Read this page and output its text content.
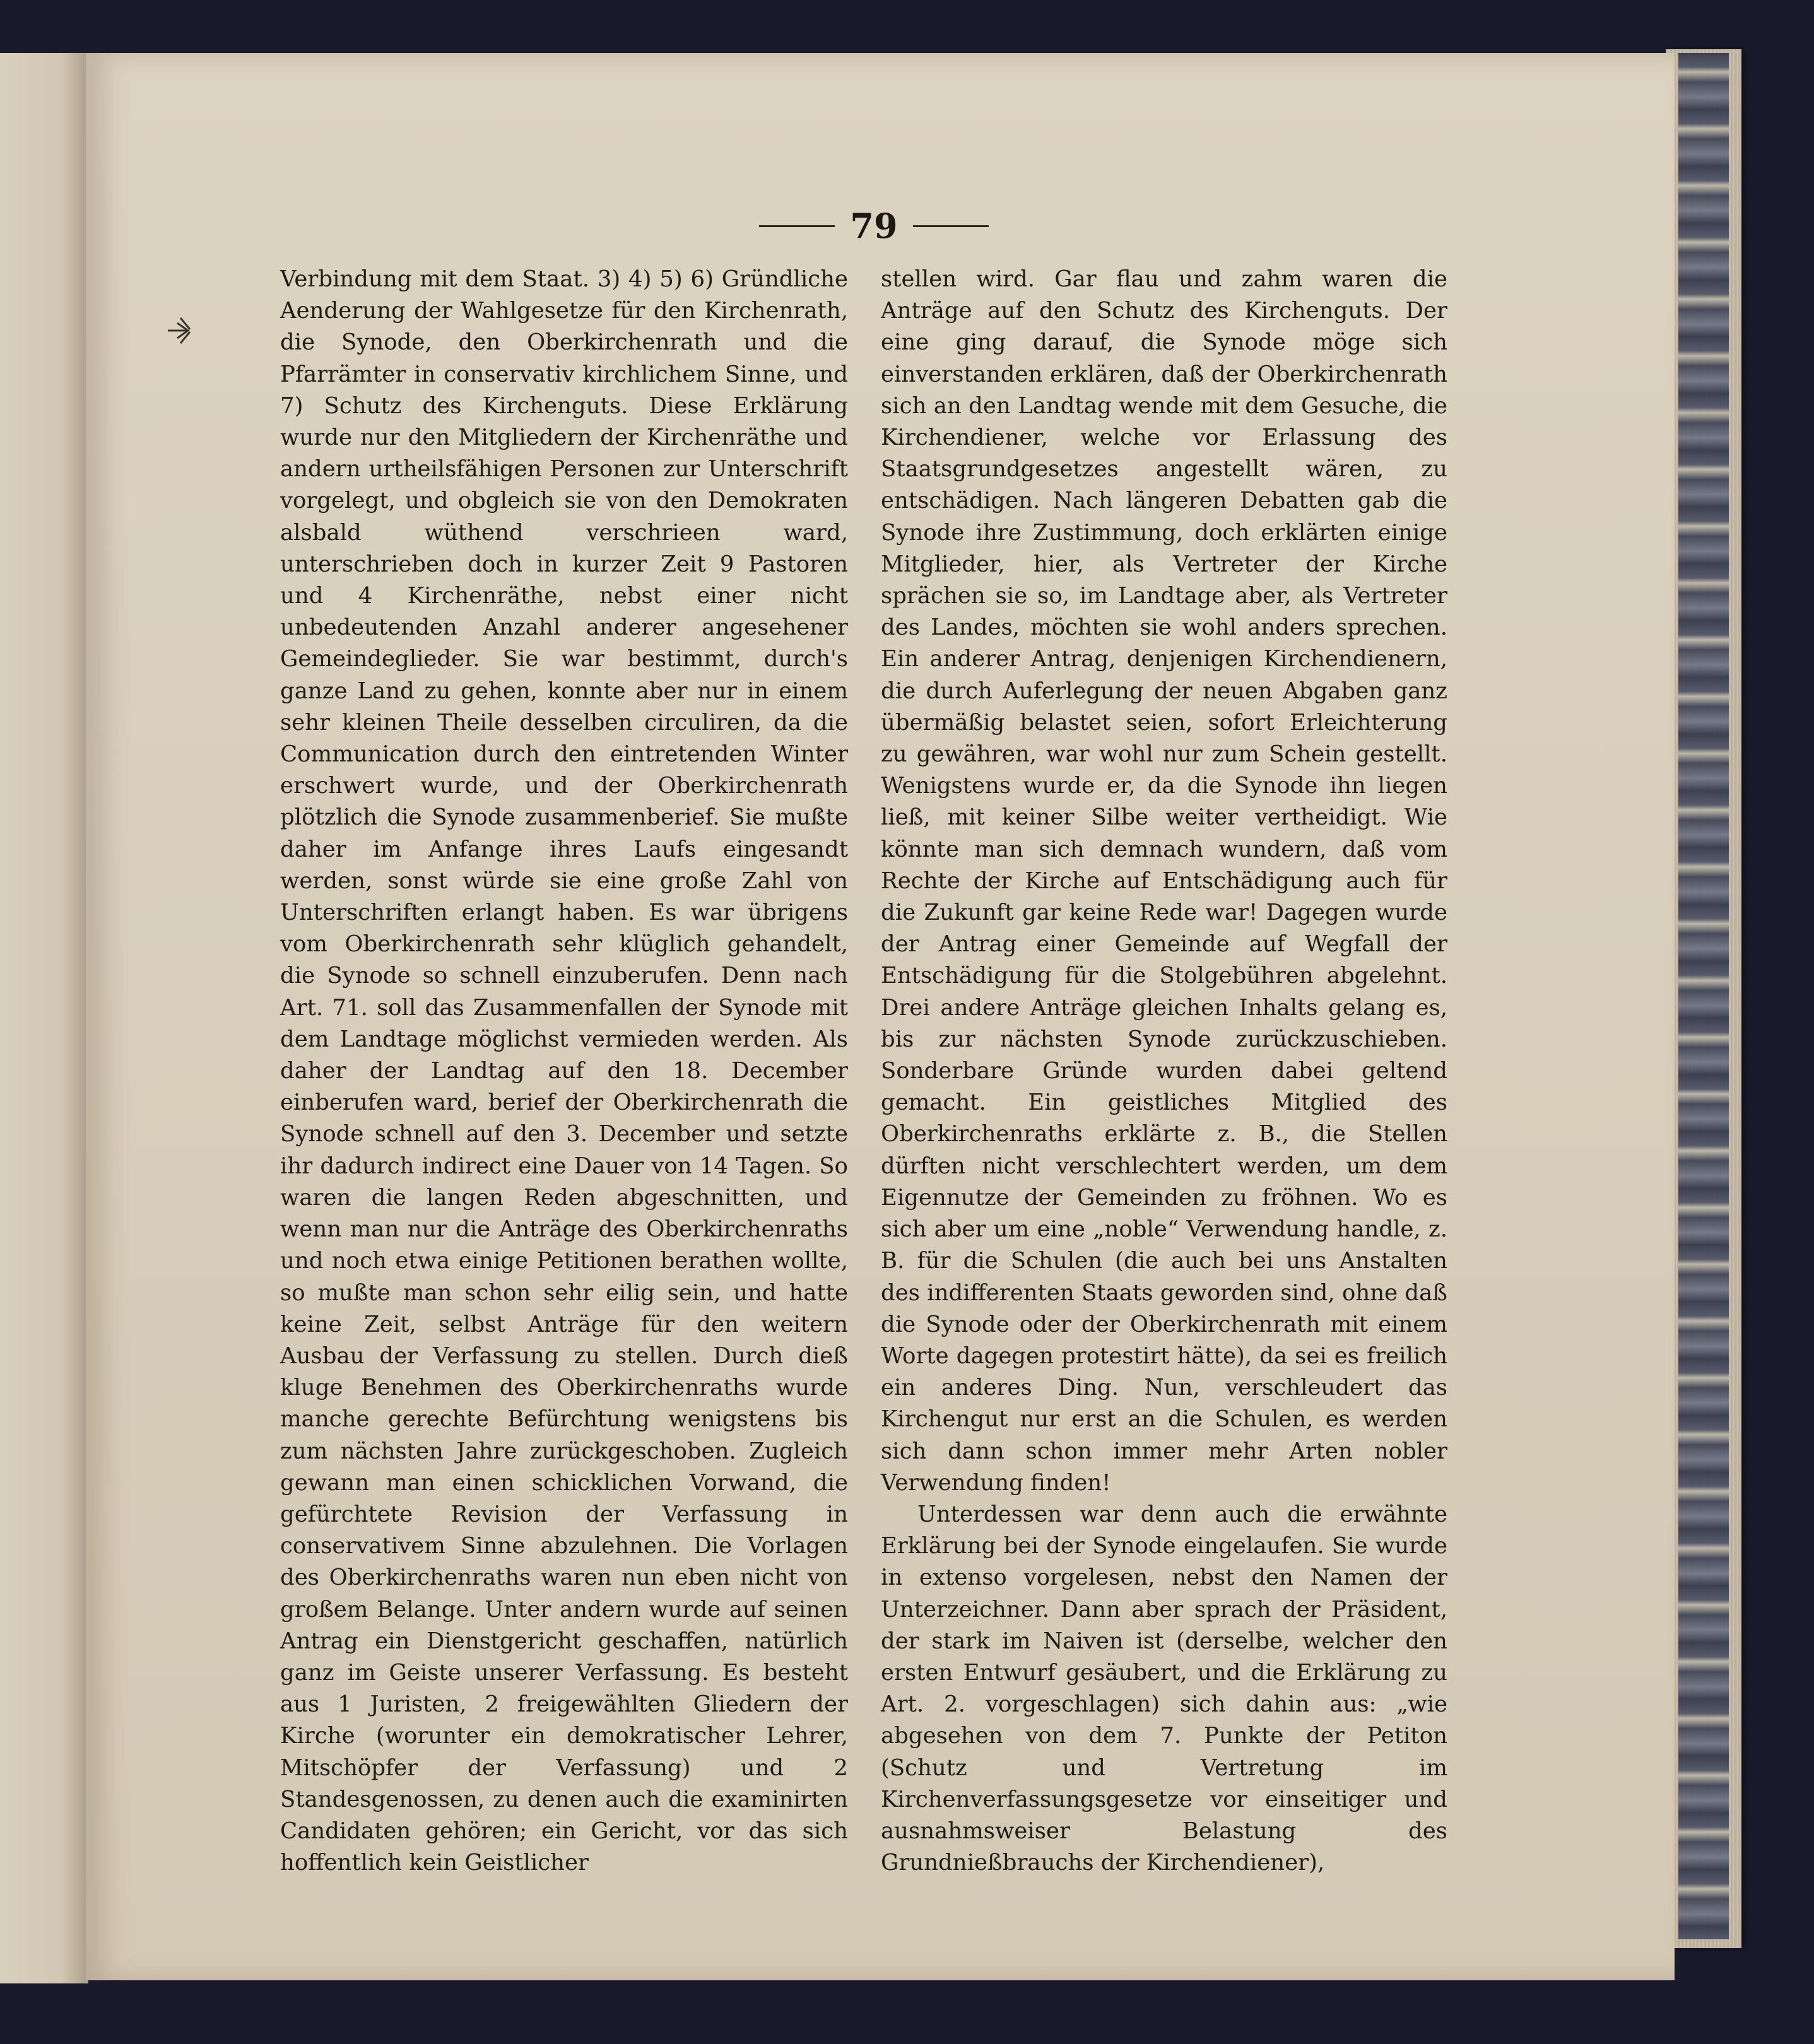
79

Verbindung mit dem Staat. 3) 4) 5) 6) Gründliche Aenderung der Wahlgesetze für den Kirchenrath, die Synode, den Oberkirchenrath und die Pfarrämter in conservativ kirchlichem Sinne, und 7) Schutz des Kirchenguts. Diese Erklärung wurde nur den Mitgliedern der Kirchenräthe und andern urtheilsfähigen Personen zur Unterschrift vorgelegt, und obgleich sie von den Demokraten alsbald wüthend verschrieen ward, unterschrieben doch in kurzer Zeit 9 Pastoren und 4 Kirchenräthe, nebst einer nicht unbedeutenden Anzahl anderer angesehener Gemeindeglieder. Sie war bestimmt, durch's ganze Land zu gehen, konnte aber nur in einem sehr kleinen Theile desselben circuliren, da die Communication durch den eintretenden Winter erschwert wurde, und der Oberkirchenrath plötzlich die Synode zusammenberief. Sie mußte daher im Anfange ihres Laufs eingesandt werden, sonst würde sie eine große Zahl von Unterschriften erlangt haben. Es war übrigens vom Oberkirchenrath sehr klüglich gehandelt, die Synode so schnell einzuberufen. Denn nach Art. 71. soll das Zusammenfallen der Synode mit dem Landtage möglichst vermieden werden. Als daher der Landtag auf den 18. December einberufen ward, berief der Oberkirchenrath die Synode schnell auf den 3. December und setzte ihr dadurch indirect eine Dauer von 14 Tagen. So waren die langen Reden abgeschnitten, und wenn man nur die Anträge des Oberkirchenraths und noch etwa einige Petitionen berathen wollte, so mußte man schon sehr eilig sein, und hatte keine Zeit, selbst Anträge für den weitern Ausbau der Verfassung zu stellen. Durch dieß kluge Benehmen des Oberkirchenraths wurde manche gerechte Befürchtung wenigstens bis zum nächsten Jahre zurückgeschoben. Zugleich gewann man einen schicklichen Vorwand, die gefürchtete Revision der Verfassung in conservativem Sinne abzulehnen. Die Vorlagen des Oberkirchenraths waren nun eben nicht von großem Belange. Unter andern wurde auf seinen Antrag ein Dienstgericht geschaffen, natürlich ganz im Geiste unserer Verfassung. Es besteht aus 1 Juristen, 2 freigewählten Gliedern der Kirche (worunter ein demokratischer Lehrer, Mitschöpfer der Verfassung) und 2 Standesgenossen, zu denen auch die examinirten Candidaten gehören; ein Gericht, vor das sich hoffentlich kein Geistlicher

stellen wird. Gar flau und zahm waren die Anträge auf den Schutz des Kirchenguts. Der eine ging darauf, die Synode möge sich einverstanden erklären, daß der Oberkirchenrath sich an den Landtag wende mit dem Gesuche, die Kirchendiener, welche vor Erlassung des Staatsgrundgesetzes angestellt wären, zu entschädigen. Nach längeren Debatten gab die Synode ihre Zustimmung, doch erklärten einige Mitglieder, hier, als Vertreter der Kirche sprächen sie so, im Landtage aber, als Vertreter des Landes, möchten sie wohl anders sprechen. Ein anderer Antrag, denjenigen Kirchendienern, die durch Auferlegung der neuen Abgaben ganz übermäßig belastet seien, sofort Erleichterung zu gewähren, war wohl nur zum Schein gestellt. Wenigstens wurde er, da die Synode ihn liegen ließ, mit keiner Silbe weiter vertheidigt. Wie könnte man sich demnach wundern, daß vom Rechte der Kirche auf Entschädigung auch für die Zukunft gar keine Rede war! Dagegen wurde der Antrag einer Gemeinde auf Wegfall der Entschädigung für die Stolgebühren abgelehnt. Drei andere Anträge gleichen Inhalts gelang es, bis zur nächsten Synode zurückzuschieben. Sonderbare Gründe wurden dabei geltend gemacht. Ein geistliches Mitglied des Oberkirchenraths erklärte z. B., die Stellen dürften nicht verschlechtert werden, um dem Eigennutze der Gemeinden zu fröhnen. Wo es sich aber um eine „noble“ Verwendung handle, z. B. für die Schulen (die auch bei uns Anstalten des indifferenten Staats geworden sind, ohne daß die Synode oder der Oberkirchenrath mit einem Worte dagegen protestirt hätte), da sei es freilich ein anderes Ding. Nun, verschleudert das Kirchengut nur erst an die Schulen, es werden sich dann schon immer mehr Arten nobler Verwendung finden!

Unterdessen war denn auch die erwähnte Erklärung bei der Synode eingelaufen. Sie wurde in extenso vorgelesen, nebst den Namen der Unterzeichner. Dann aber sprach der Präsident, der stark im Naiven ist (derselbe, welcher den ersten Entwurf gesäubert, und die Erklärung zu Art. 2. vorgeschlagen) sich dahin aus: „wie abgesehen von dem 7. Punkte der Petiton (Schutz und Vertretung im Kirchenverfassungsgesetze vor einseitiger und ausnahmsweiser Belastung des Grundnießbrauchs der Kirchendiener),
